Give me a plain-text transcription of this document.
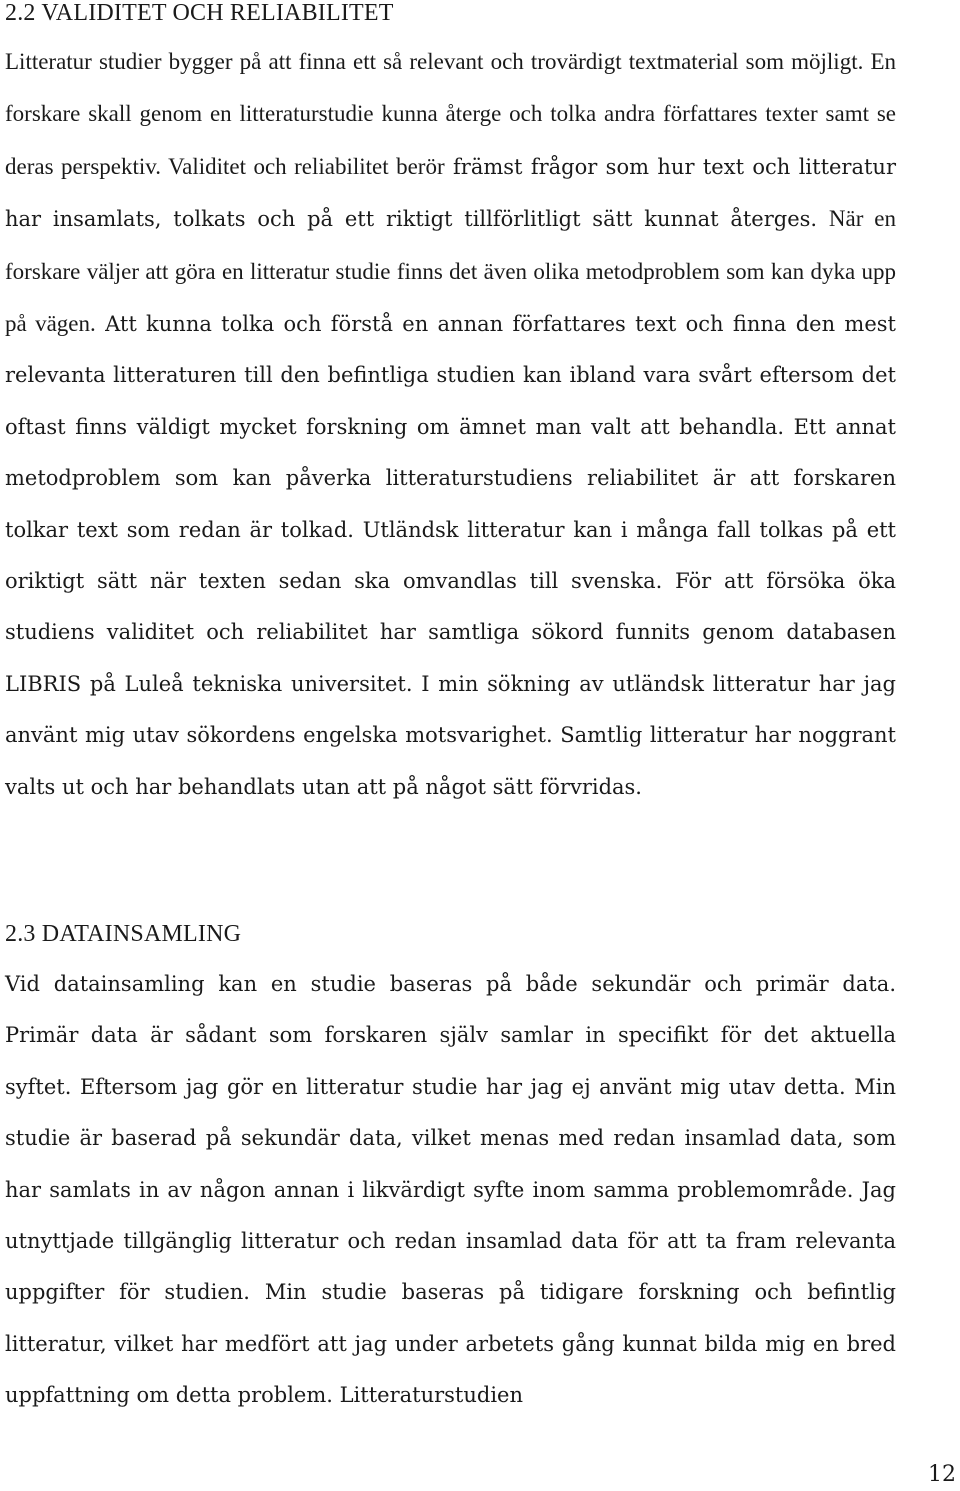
2.2 VALIDITET OCH RELIABILITET

Litteratur studier bygger på att finna ett så relevant och trovärdigt textmaterial som möjligt. En forskare skall genom en litteraturstudie kunna återge och tolka andra författares texter samt se deras perspektiv. Validitet och reliabilitet berör främst frågor som hur text och litteratur har insamlats, tolkats och på ett riktigt tillförlitligt sätt kunnat återges. När en forskare väljer att göra en litteratur studie finns det även olika metodproblem som kan dyka upp på vägen. Att kunna tolka och förstå en annan författares text och finna den mest relevanta litteraturen till den befintliga studien kan ibland vara svårt eftersom det oftast finns väldigt mycket forskning om ämnet man valt att behandla. Ett annat metodproblem som kan påverka litteraturstudiens reliabilitet är att forskaren tolkar text som redan är tolkad. Utländsk litteratur kan i många fall tolkas på ett oriktigt sätt när texten sedan ska omvandlas till svenska. För att försöka öka studiens validitet och reliabilitet har samtliga sökord funnits genom databasen LIBRIS på Luleå tekniska universitet. I min sökning av utländsk litteratur har jag använt mig utav sökordens engelska motsvarighet. Samtlig litteratur har noggrant valts ut och har behandlats utan att på något sätt förvridas.

2.3 DATAINSAMLING

Vid datainsamling kan en studie baseras på både sekundär och primär data. Primär data är sådant som forskaren själv samlar in specifikt för det aktuella syftet. Eftersom jag gör en litteratur studie har jag ej använt mig utav detta. Min studie är baserad på sekundär data, vilket menas med redan insamlad data, som har samlats in av någon annan i likvärdigt syfte inom samma problemområde. Jag utnyttjade tillgänglig litteratur och redan insamlad data för att ta fram relevanta uppgifter för studien. Min studie baseras på tidigare forskning och befintlig litteratur, vilket har medfört att jag under arbetets gång kunnat bilda mig en bred uppfattning om detta problem. Litteraturstudien

12
